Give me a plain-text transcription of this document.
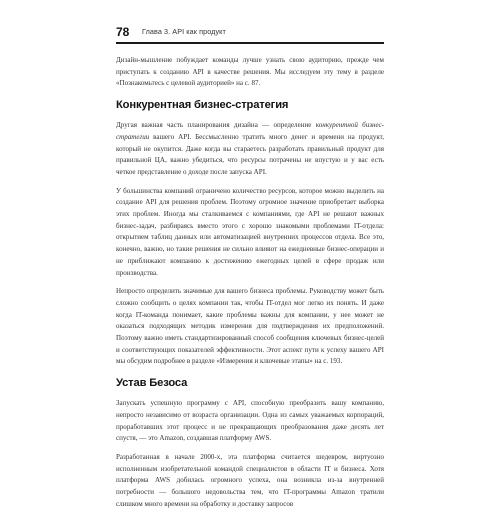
78 Глава 3. API как продукт

Дизайн-мышление побуждает команды лучше узнать свою аудиторию, прежде чем приступать к созданию API в качестве решения. Мы исследуем эту тему в разделе «Познакомьтесь с целевой аудиторией» на с. 87.

Конкурентная бизнес-стратегия

Другая важная часть планирования дизайна — определение конкурентной бизнес-стратегии вашего API. Бессмысленно тратить много денег и времени на продукт, который не окупится. Даже когда вы стараетесь разработать правильный продукт для правильной ЦА, важно убедиться, что ресурсы потрачены не впустую и у вас есть четкое представление о доходе после запуска API.

У большинства компаний ограничено количество ресурсов, которое можно выделить на создание API для решения проблем. Поэтому огромное значение приобретает выборка этих проблем. Иногда мы сталкиваемся с компаниями, где API не решают важных бизнес-задач, разбираясь вместо этого с хорошо знакомыми проблемами IT-отдела: открытием таблиц данных или автоматизацией внутренних процессов отдела. Все это, конечно, важно, но такие решения не сильно влияют на ежедневные бизнес-операции и не приближают компанию к достижению ежегодных целей в сфере продаж или производства.

Непросто определить значимые для вашего бизнеса проблемы. Руководству может быть сложно сообщить о целях компании так, чтобы IT-отдел мог легко их понять. И даже когда IT-команда понимает, какие проблемы важны для компании, у нее может не оказаться подходящих методик измерения для подтверждения их предположений. Поэтому важно иметь стандартизированный способ сообщения ключевых бизнес-целей и соответствующих показателей эффективности. Этот аспект пути к успеху вашего API мы обсудим подробнее в разделе «Измерения и ключевые этапы» на с. 193.

Устав Безоса

Запускать успешную программу с API, способную преобразить вашу компанию, непросто независимо от возраста организации. Одна из самых уважаемых корпораций, проработавших этот процесс и не прекращающих преобразования даже десять лет спустя, — это Amazon, создавшая платформу AWS.

Разработанная в начале 2000-х, эта платформа считается шедевром, виртуозно исполненным изобретательной командой специалистов в области IT и бизнеса. Хотя платформа AWS добилась огромного успеха, она возникла из-за внутренней потребности — большого недовольства тем, что IT-программы Amazon тратили слишком много времени на обработку и доставку запросов
